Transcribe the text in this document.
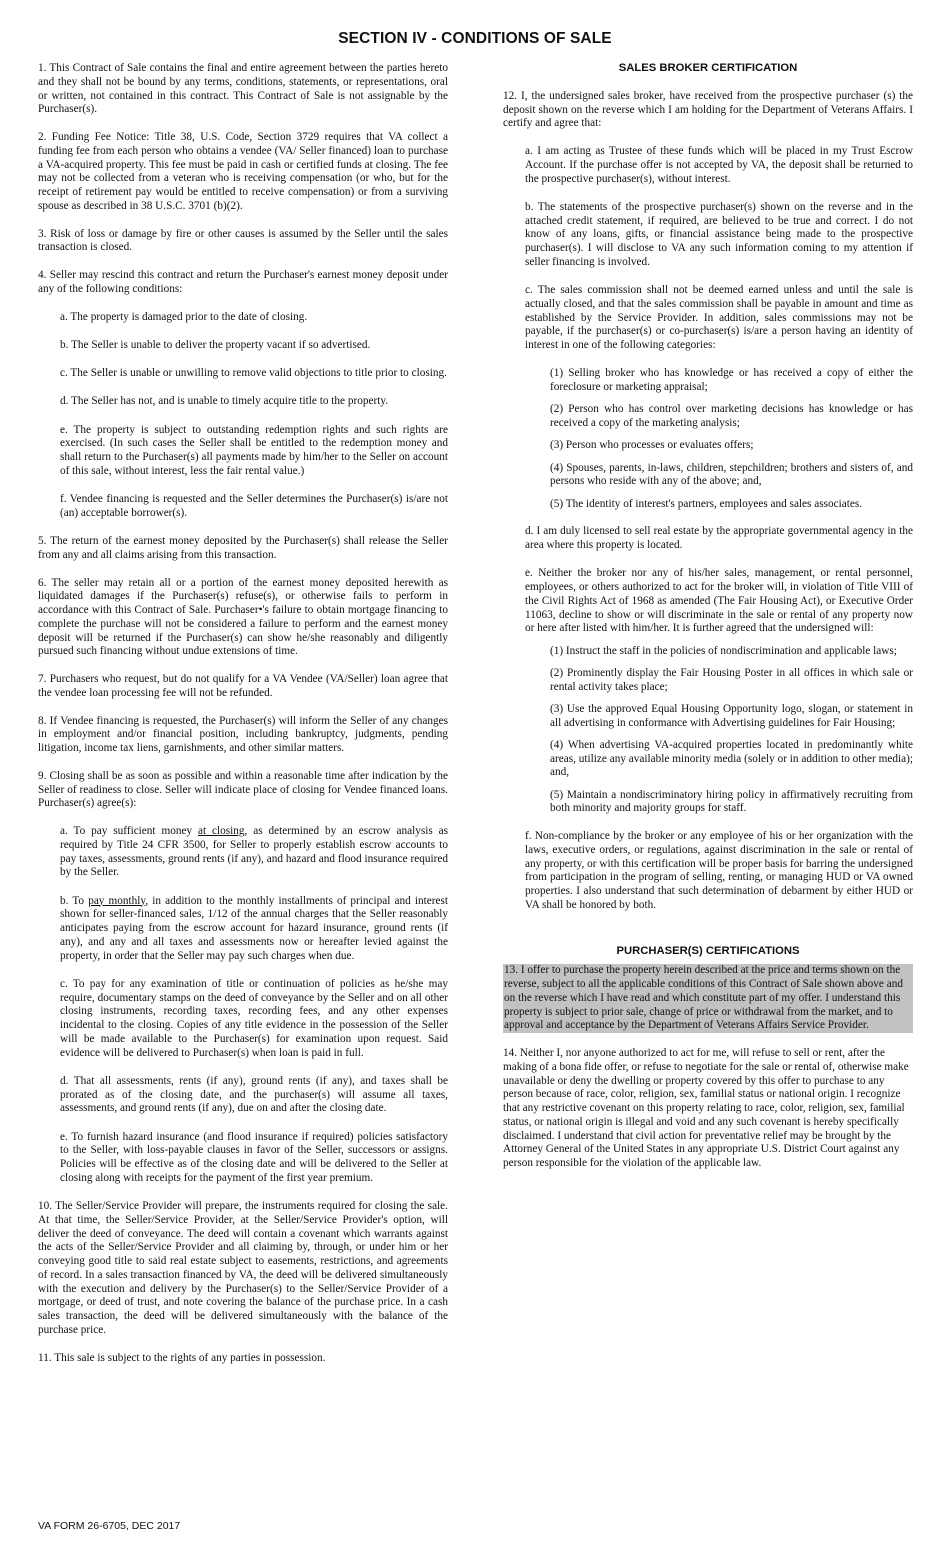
SECTION IV - CONDITIONS OF SALE

1. This Contract of Sale contains the final and entire agreement between the parties hereto and they shall not be bound by any terms, conditions, statements, or representations, oral or written, not contained in this contract. This Contract of Sale is not assignable by the Purchaser(s).

2. Funding Fee Notice: Title 38, U.S. Code, Section 3729 requires that VA collect a funding fee from each person who obtains a vendee (VA/ Seller financed) loan to purchase a VA-acquired property. This fee must be paid in cash or certified funds at closing. The fee may not be collected from a veteran who is receiving compensation (or who, but for the receipt of retirement pay would be entitled to receive compensation) or from a surviving spouse as described in 38 U.S.C. 3701 (b)(2).

3. Risk of loss or damage by fire or other causes is assumed by the Seller until the sales transaction is closed.

4. Seller may rescind this contract and return the Purchaser's earnest money deposit under any of the following conditions:

a. The property is damaged prior to the date of closing.

b. The Seller is unable to deliver the property vacant if so advertised.

c. The Seller is unable or unwilling to remove valid objections to title prior to closing.

d. The Seller has not, and is unable to timely acquire title to the property.

e. The property is subject to outstanding redemption rights and such rights are exercised. (In such cases the Seller shall be entitled to the redemption money and shall return to the Purchaser(s) all payments made by him/her to the Seller on account of this sale, without interest, less the fair rental value.)

f. Vendee financing is requested and the Seller determines the Purchaser(s) is/are not (an) acceptable borrower(s).

5. The return of the earnest money deposited by the Purchaser(s) shall release the Seller from any and all claims arising from this transaction.

6. The seller may retain all or a portion of the earnest money deposited herewith as liquidated damages if the Purchaser(s) refuse(s), or otherwise fails to perform in accordance with this Contract of Sale. Purchaser•'s failure to obtain mortgage financing to complete the purchase will not be considered a failure to perform and the earnest money deposit will be returned if the Purchaser(s) can show he/she reasonably and diligently pursued such financing without undue extensions of time.

7. Purchasers who request, but do not qualify for a VA Vendee (VA/Seller) loan agree that the vendee loan processing fee will not be refunded.

8. If Vendee financing is requested, the Purchaser(s) will inform the Seller of any changes in employment and/or financial position, including bankruptcy, judgments, pending litigation, income tax liens, garnishments, and other similar matters.

9. Closing shall be as soon as possible and within a reasonable time after indication by the Seller of readiness to close. Seller will indicate place of closing for Vendee financed loans. Purchaser(s) agree(s):

a. To pay sufficient money at closing, as determined by an escrow analysis as required by Title 24 CFR 3500, for Seller to properly establish escrow accounts to pay taxes, assessments, ground rents (if any), and hazard and flood insurance required by the Seller.

b. To pay monthly, in addition to the monthly installments of principal and interest shown for seller-financed sales, 1/12 of the annual charges that the Seller reasonably anticipates paying from the escrow account for hazard insurance, ground rents (if any), and any and all taxes and assessments now or hereafter levied against the property, in order that the Seller may pay such charges when due.

c. To pay for any examination of title or continuation of policies as he/she may require, documentary stamps on the deed of conveyance by the Seller and on all other closing instruments, recording taxes, recording fees, and any other expenses incidental to the closing. Copies of any title evidence in the possession of the Seller will be made available to the Purchaser(s) for examination upon request. Said evidence will be delivered to Purchaser(s) when loan is paid in full.

d. That all assessments, rents (if any), ground rents (if any), and taxes shall be prorated as of the closing date, and the purchaser(s) will assume all taxes, assessments, and ground rents (if any), due on and after the closing date.

e. To furnish hazard insurance (and flood insurance if required) policies satisfactory to the Seller, with loss-payable clauses in favor of the Seller, successors or assigns. Policies will be effective as of the closing date and will be delivered to the Seller at closing along with receipts for the payment of the first year premium.

10. The Seller/Service Provider will prepare, the instruments required for closing the sale. At that time, the Seller/Service Provider, at the Seller/Service Provider's option, will deliver the deed of conveyance. The deed will contain a covenant which warrants against the acts of the Seller/Service Provider and all claiming by, through, or under him or her conveying good title to said real estate subject to easements, restrictions, and agreements of record. In a sales transaction financed by VA, the deed will be delivered simultaneously with the execution and delivery by the Purchaser(s) to the Seller/Service Provider of a mortgage, or deed of trust, and note covering the balance of the purchase price. In a cash sales transaction, the deed will be delivered simultaneously with the balance of the purchase price.

11. This sale is subject to the rights of any parties in possession.

SALES BROKER CERTIFICATION

12. I, the undersigned sales broker, have received from the prospective purchaser (s) the deposit shown on the reverse which I am holding for the Department of Veterans Affairs. I certify and agree that:

a. I am acting as Trustee of these funds which will be placed in my Trust Escrow Account. If the purchase offer is not accepted by VA, the deposit shall be returned to the prospective purchaser(s), without interest.

b. The statements of the prospective purchaser(s) shown on the reverse and in the attached credit statement, if required, are believed to be true and correct. I do not know of any loans, gifts, or financial assistance being made to the prospective purchaser(s). I will disclose to VA any such information coming to my attention if seller financing is involved.

c. The sales commission shall not be deemed earned unless and until the sale is actually closed, and that the sales commission shall be payable in amount and time as established by the Service Provider. In addition, sales commissions may not be payable, if the purchaser(s) or co-purchaser(s) is/are a person having an identity of interest in one of the following categories:

(1) Selling broker who has knowledge or has received a copy of either the foreclosure or marketing appraisal;

(2) Person who has control over marketing decisions has knowledge or has received a copy of the marketing analysis;

(3) Person who processes or evaluates offers;

(4) Spouses, parents, in-laws, children, stepchildren; brothers and sisters of, and persons who reside with any of the above; and,

(5) The identity of interest's partners, employees and sales associates.

d. I am duly licensed to sell real estate by the appropriate governmental agency in the area where this property is located.

e. Neither the broker nor any of his/her sales, management, or rental personnel, employees, or others authorized to act for the broker will, in violation of Title VIII of the Civil Rights Act of 1968 as amended (The Fair Housing Act), or Executive Order 11063, decline to show or will discriminate in the sale or rental of any property now or here after listed with him/her. It is further agreed that the undersigned will:

(1) Instruct the staff in the policies of nondiscrimination and applicable laws;

(2) Prominently display the Fair Housing Poster in all offices in which sale or rental activity takes place;

(3) Use the approved Equal Housing Opportunity logo, slogan, or statement in all advertising in conformance with Advertising guidelines for Fair Housing;

(4) When advertising VA-acquired properties located in predominantly white areas, utilize any available minority media (solely or in addition to other media); and,

(5) Maintain a nondiscriminatory hiring policy in affirmatively recruiting from both minority and majority groups for staff.

f. Non-compliance by the broker or any employee of his or her organization with the laws, executive orders, or regulations, against discrimination in the sale or rental of any property, or with this certification will be proper basis for barring the undersigned from participation in the program of selling, renting, or managing HUD or VA owned properties. I also understand that such determination of debarment by either HUD or VA shall be honored by both.

PURCHASER(S) CERTIFICATIONS

13. I offer to purchase the property herein described at the price and terms shown on the reverse, subject to all the applicable conditions of this Contract of Sale shown above and on the reverse which I have read and which constitute part of my offer. I understand this property is subject to prior sale, change of price or withdrawal from the market, and to approval and acceptance by the Department of Veterans Affairs Service Provider.

14. Neither I, nor anyone authorized to act for me, will refuse to sell or rent, after the making of a bona fide offer, or refuse to negotiate for the sale or rental of, otherwise make unavailable or deny the dwelling or property covered by this offer to purchase to any person because of race, color, religion, sex, familial status or national origin. I recognize that any restrictive covenant on this property relating to race, color, religion, sex, familial status, or national origin is illegal and void and any such covenant is hereby specifically disclaimed. I understand that civil action for preventative relief may be brought by the Attorney General of the United States in any appropriate U.S. District Court against any person responsible for the violation of the applicable law.

VA FORM 26-6705, DEC 2017
